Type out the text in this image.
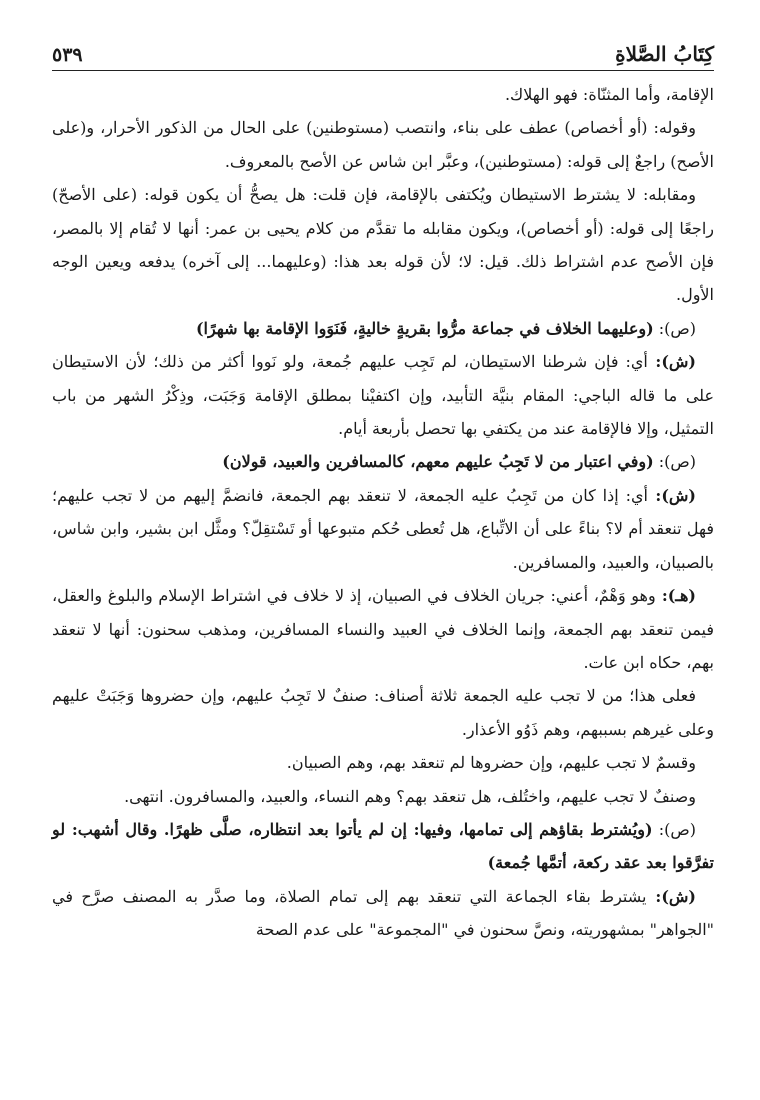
كِتَابُ الصَّلاةِ
٥٣٩

الإقامة، وأما المثنّاة: فهو الهلاك.

وقوله: (أو أخصاص) عطف على بناء، وانتصب (مستوطنين) على الحال من الذكور الأحرار، و(على الأصح) راجعٌ إلى قوله: (مستوطنين)، وعبَّر ابن شاس عن الأصح بالمعروف.

ومقابله: لا يشترط الاستيطان ويُكتفى بالإقامة، فإن قلت: هل يصحُّ أن يكون قوله: (على الأصحّ) راجعًا إلى قوله: (أو أخصاص)، ويكون مقابله ما تقدَّم من كلام يحيى بن عمر: أنها لا تُقام إلا بالمصر، فإن الأصح عدم اشتراط ذلك. قيل: لا؛ لأن قوله بعد هذا: (وعليهما... إلى آخره) يدفعه ويعين الوجه الأول.

(ص): (وعليهما الخلاف في جماعة مرُّوا بقريةٍ خاليةٍ، فَنَوَوا الإقامة بها شهرًا)

(ش): أي: فإن شرطنا الاستيطان، لم تَجِب عليهم جُمعة، ولو نَووا أكثر من ذلك؛ لأن الاستيطان على ما قاله الباجي: المقام بنيَّة التأبيد، وإن اكتفيْنا بمطلق الإقامة وَجَبَت، وذِكْرُ الشهر من باب التمثيل، وإلا فالإقامة عند من يكتفي بها تحصل بأربعة أيام.

(ص): (وفي اعتبار من لا تَجِبُ عليهم معهم، كالمسافرين والعبيد، قولان)

(ش): أي: إذا كان من تَجِبُ عليه الجمعة، لا تنعقد بهم الجمعة، فانضمَّ إليهم من لا تجب عليهم؛ فهل تنعقد أم لا؟ بناءً على أن الاتِّباع، هل تُعطى حُكم متبوعها أو تَسْتقِلّ؟ ومثَّل ابن بشير، وابن شاس، بالصبيان، والعبيد، والمسافرين.

(هـ): وهو وَهْمٌ، أعني: جريان الخلاف في الصبيان، إذ لا خلاف في اشتراط الإسلام والبلوغ والعقل، فيمن تنعقد بهم الجمعة، وإنما الخلاف في العبيد والنساء المسافرين، ومذهب سحنون: أنها لا تنعقد بهم، حكاه ابن عات.

فعلى هذا؛ من لا تجب عليه الجمعة ثلاثة أصناف: صنفٌ لا تَجِبُ عليهم، وإن حضروها وَجَبَتْ عليهم وعلى غيرهم بسببهم، وهم ذَوُو الأعذار.

وقسمٌ لا تجب عليهم، وإن حضروها لم تنعقد بهم، وهم الصبيان.

وصنفٌ لا تجب عليهم، واختُلف، هل تنعقد بهم؟ وهم النساء، والعبيد، والمسافرون. انتهى.

(ص): (ويُشترط بقاؤهم إلى تمامها، وفيها: إن لم يأتوا بعد انتظاره، صلَّى ظهرًا. وقال أشهب: لو تفرَّقوا بعد عقد ركعة، أتمَّها جُمعة)

(ش): يشترط بقاء الجماعة التي تنعقد بهم إلى تمام الصلاة، وما صدَّر به المصنف صرَّح في "الجواهر" بمشهوريته، ونصَّ سحنون في "المجموعة" على عدم الصحة
